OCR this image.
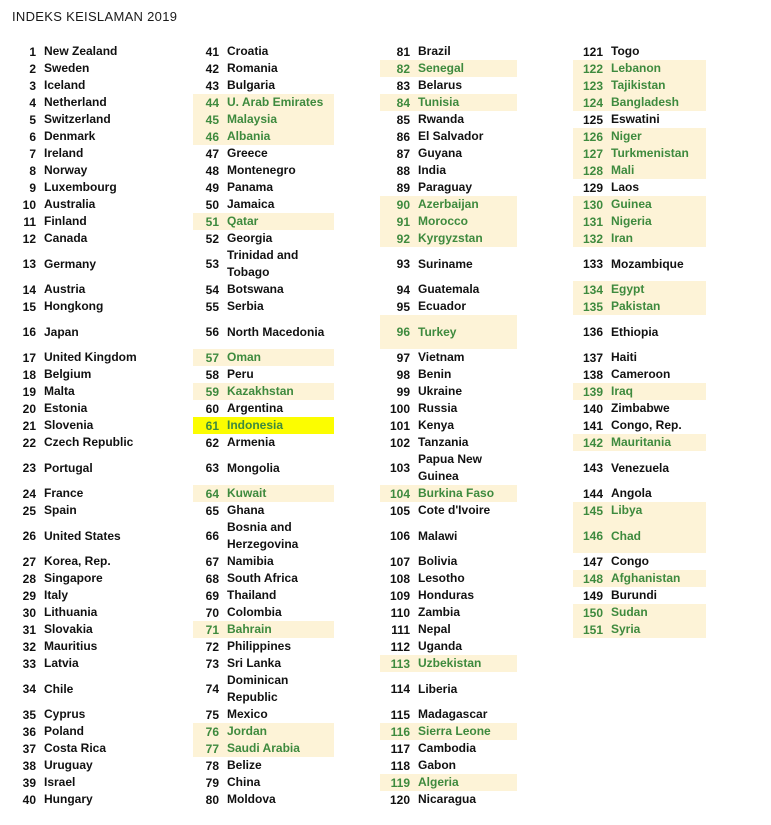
INDEKS KEISLAMAN 2019
1 New Zealand
2 Sweden
3 Iceland
4 Netherland
5 Switzerland
6 Denmark
7 Ireland
8 Norway
9 Luxembourg
10 Australia
11 Finland
12 Canada
13 Germany
14 Austria
15 Hongkong
16 Japan
17 United Kingdom
18 Belgium
19 Malta
20 Estonia
21 Slovenia
22 Czech Republic
23 Portugal
24 France
25 Spain
26 United States
27 Korea, Rep.
28 Singapore
29 Italy
30 Lithuania
31 Slovakia
32 Mauritius
33 Latvia
34 Chile
35 Cyprus
36 Poland
37 Costa Rica
38 Uruguay
39 Israel
40 Hungary
41 Croatia
42 Romania
43 Bulgaria
44 U. Arab Emirates
45 Malaysia
46 Albania
47 Greece
48 Montenegro
49 Panama
50 Jamaica
51 Qatar
52 Georgia
53
Trinidad and Tobago
54 Botswana
55 Serbia
56 North Macedonia
57 Oman
58 Peru
59 Kazakhstan
60 Argentina
61 Indonesia
62 Armenia
63 Mongolia
64 Kuwait
65 Ghana
66
Bosnia and Herzegovina
67 Namibia
68 South Africa
69 Thailand
70 Colombia
71 Bahrain
72 Philippines
73 Sri Lanka
74
Dominican Republic
75 Mexico
76 Jordan
77 Saudi Arabia
78 Belize
79 China
80 Moldova
81 Brazil
82 Senegal
83 Belarus
84 Tunisia
85 Rwanda
86 El Salvador
87 Guyana
88 India
89 Paraguay
90 Azerbaijan
91 Morocco
92 Kyrgyzstan
93 Suriname
94 Guatemala
95 Ecuador
96 Turkey
97 Vietnam
98 Benin
99 Ukraine
100 Russia
101 Kenya
102 Tanzania
103
Papua New Guinea
104 Burkina Faso
105 Cote d'Ivoire
106 Malawi
107 Bolivia
108 Lesotho
109 Honduras
110 Zambia
111 Nepal
112 Uganda
113 Uzbekistan
114 Liberia
115 Madagascar
116 Sierra Leone
117 Cambodia
118 Gabon
119 Algeria
120 Nicaragua
121 Togo
122 Lebanon
123 Tajikistan
124 Bangladesh
125 Eswatini
126 Niger
127 Turkmenistan
128 Mali
129 Laos
130 Guinea
131 Nigeria
132 Iran
133 Mozambique
134 Egypt
135 Pakistan
136 Ethiopia
137 Haiti
138 Cameroon
139 Iraq
140 Zimbabwe
141 Congo, Rep.
142 Mauritania
143 Venezuela
144 Angola
145 Libya
146 Chad
147 Congo
148 Afghanistan
149 Burundi
150 Sudan
151 Syria
